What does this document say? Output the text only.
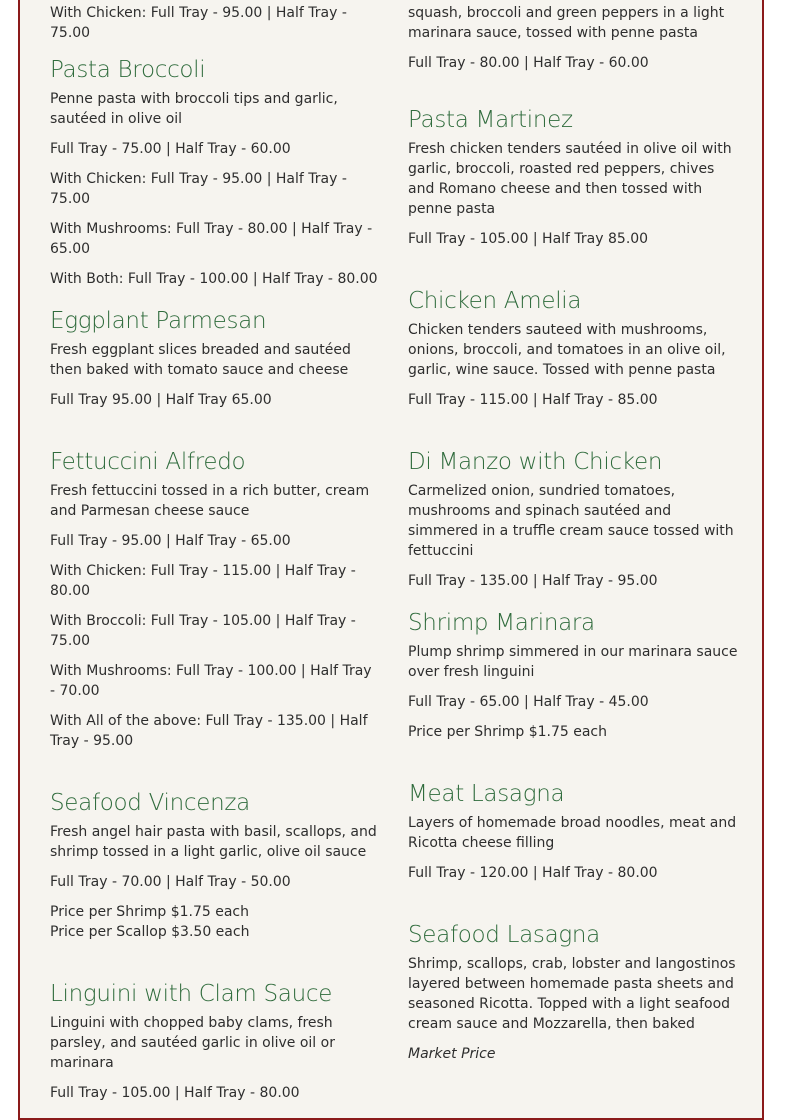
With Chicken: Full Tray - 95.00 | Half Tray - 75.00

Pasta Broccoli

Penne pasta with broccoli tips and garlic, sautéed in olive oil

Full Tray - 75.00 | Half Tray - 60.00

With Chicken: Full Tray - 95.00 | Half Tray - 75.00

With Mushrooms: Full Tray - 80.00 | Half Tray - 65.00

With Both: Full Tray - 100.00 | Half Tray - 80.00

Eggplant Parmesan

Fresh eggplant slices breaded and sautéed then baked with tomato sauce and cheese

Full Tray 95.00 | Half Tray 65.00

Fettuccini Alfredo

Fresh fettuccini tossed in a rich butter, cream and Parmesan cheese sauce

Full Tray - 95.00 | Half Tray - 65.00

With Chicken: Full Tray - 115.00 | Half Tray - 80.00

With Broccoli: Full Tray - 105.00 | Half Tray - 75.00

With Mushrooms: Full Tray - 100.00 | Half Tray - 70.00

With All of the above: Full Tray - 135.00 | Half Tray - 95.00

Seafood Vincenza

Fresh angel hair pasta with basil, scallops, and shrimp tossed in a light garlic, olive oil sauce

Full Tray - 70.00 | Half Tray - 50.00

Price per Shrimp $1.75 each

Price per Scallop $3.50 each

Linguini with Clam Sauce

Linguini with chopped baby clams, fresh parsley, and sautéed garlic in olive oil or marinara

Full Tray - 105.00 | Half Tray - 80.00

squash, broccoli and green peppers in a light marinara sauce, tossed with penne pasta

Full Tray - 80.00 | Half Tray - 60.00

Pasta Martinez

Fresh chicken tenders sautéed in olive oil with garlic, broccoli, roasted red peppers, chives and Romano cheese and then tossed with penne pasta

Full Tray - 105.00 | Half Tray 85.00

Chicken Amelia

Chicken tenders sauteed with mushrooms, onions, broccoli, and tomatoes in an olive oil, garlic, wine sauce. Tossed with penne pasta

Full Tray - 115.00 | Half Tray - 85.00

Di Manzo with Chicken

Carmelized onion, sundried tomatoes, mushrooms and spinach sautéed and simmered in a truffle cream sauce tossed with fettuccini

Full Tray - 135.00 | Half Tray - 95.00

Shrimp Marinara

Plump shrimp simmered in our marinara sauce over fresh linguini

Full Tray - 65.00 | Half Tray - 45.00

Price per Shrimp $1.75 each

Meat Lasagna

Layers of homemade broad noodles, meat and Ricotta cheese filling

Full Tray - 120.00 | Half Tray - 80.00

Seafood Lasagna

Shrimp, scallops, crab, lobster and langostinos layered between homemade pasta sheets and seasoned Ricotta. Topped with a light seafood cream sauce and Mozzarella, then baked

Market Price
